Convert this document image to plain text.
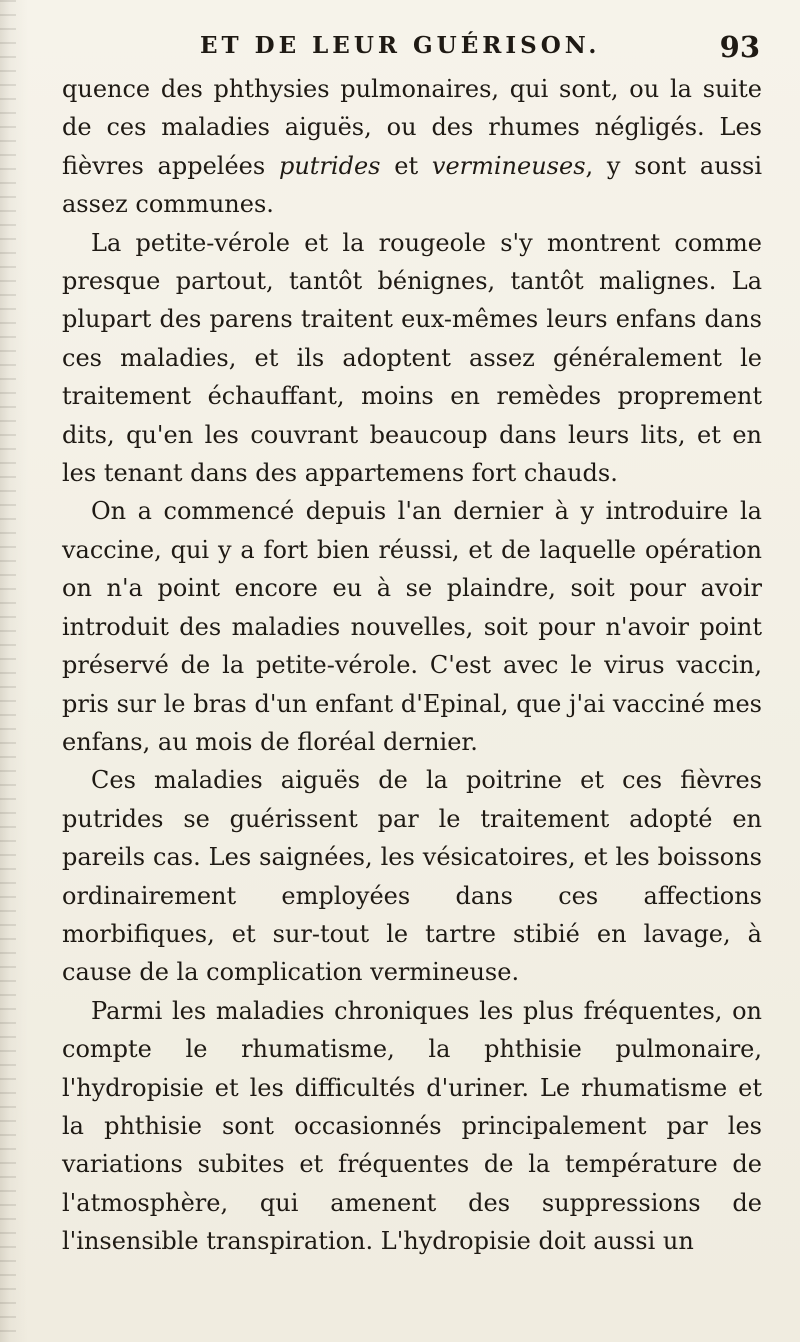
ET DE LEUR GUÉRISON.	93

quence des phthysies pulmonaires, qui sont, ou la suite de ces maladies aiguës, ou des rhumes négligés. Les fièvres appelées putrides et vermineuses, y sont aussi assez communes.

La petite-vérole et la rougeole s'y montrent comme presque partout, tantôt bénignes, tantôt malignes. La plupart des parens traitent eux-mêmes leurs enfans dans ces maladies, et ils adoptent assez généralement le traitement échauffant, moins en remèdes proprement dits, qu'en les couvrant beaucoup dans leurs lits, et en les tenant dans des appartemens fort chauds.

On a commencé depuis l'an dernier à y introduire la vaccine, qui y a fort bien réussi, et de laquelle opération on n'a point encore eu à se plaindre, soit pour avoir introduit des maladies nouvelles, soit pour n'avoir point préservé de la petite-vérole. C'est avec le virus vaccin, pris sur le bras d'un enfant d'Epinal, que j'ai vacciné mes enfans, au mois de floréal dernier.

Ces maladies aiguës de la poitrine et ces fièvres putrides se guérissent par le traitement adopté en pareils cas. Les saignées, les vésicatoires, et les boissons ordinairement employées dans ces affections morbifiques, et sur-tout le tartre stibié en lavage, à cause de la complication vermineuse.

Parmi les maladies chroniques les plus fréquentes, on compte le rhumatisme, la phthisie pulmonaire, l'hydropisie et les difficultés d'uriner. Le rhumatisme et la phthisie sont occasionnés principalement par les variations subites et fréquentes de la température de l'atmosphère, qui amenent des suppressions de l'insensible transpiration. L'hydropisie doit aussi un
